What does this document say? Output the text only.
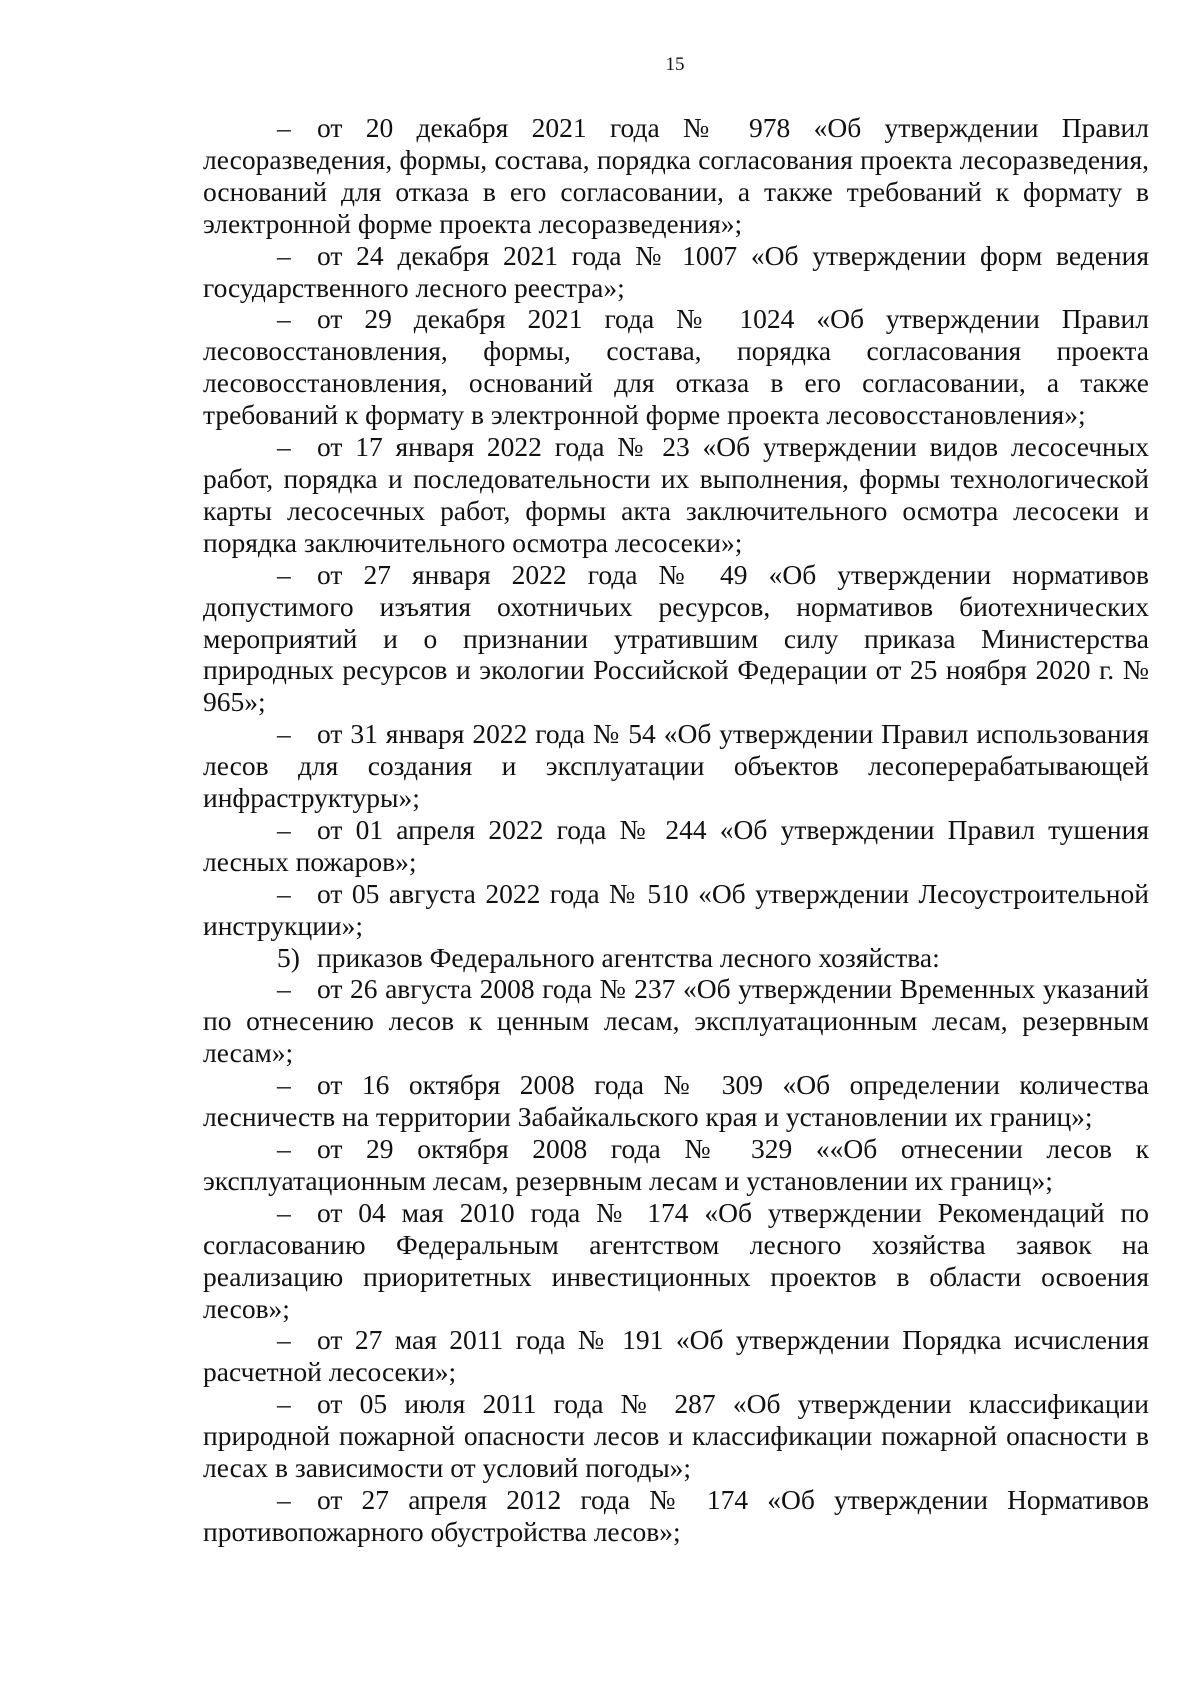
15

– от 20 декабря 2021 года № 978 «Об утверждении Правил лесоразведения, формы, состава, порядка согласования проекта лесоразведения, оснований для отказа в его согласовании, а также требований к формату в электронной форме проекта лесоразведения»;

– от 24 декабря 2021 года № 1007 «Об утверждении форм ведения государственного лесного реестра»;

– от 29 декабря 2021 года № 1024 «Об утверждении Правил лесовосстановления, формы, состава, порядка согласования проекта лесовосстановления, оснований для отказа в его согласовании, а также требований к формату в электронной форме проекта лесовосстановления»;

– от 17 января 2022 года № 23 «Об утверждении видов лесосечных работ, порядка и последовательности их выполнения, формы технологической карты лесосечных работ, формы акта заключительного осмотра лесосеки и порядка заключительного осмотра лесосеки»;

– от 27 января 2022 года № 49 «Об утверждении нормативов допустимого изъятия охотничьих ресурсов, нормативов биотехнических мероприятий и о признании утратившим силу приказа Министерства природных ресурсов и экологии Российской Федерации от 25 ноября 2020 г. № 965»;

– от 31 января 2022 года № 54 «Об утверждении Правил использования лесов для создания и эксплуатации объектов лесоперерабатывающей инфраструктуры»;

– от 01 апреля 2022 года № 244 «Об утверждении Правил тушения лесных пожаров»;

– от 05 августа 2022 года № 510 «Об утверждении Лесоустроительной инструкции»;

5) приказов Федерального агентства лесного хозяйства:

– от 26 августа 2008 года № 237 «Об утверждении Временных указаний по отнесению лесов к ценным лесам, эксплуатационным лесам, резервным лесам»;

– от 16 октября 2008 года № 309 «Об определении количества лесничеств на территории Забайкальского края и установлении их границ»;

– от 29 октября 2008 года № 329 ««Об отнесении лесов к эксплуатационным лесам, резервным лесам и установлении их границ»;

– от 04 мая 2010 года № 174 «Об утверждении Рекомендаций по согласованию Федеральным агентством лесного хозяйства заявок на реализацию приоритетных инвестиционных проектов в области освоения лесов»;

– от 27 мая 2011 года № 191 «Об утверждении Порядка исчисления расчетной лесосеки»;

– от 05 июля 2011 года № 287 «Об утверждении классификации природной пожарной опасности лесов и классификации пожарной опасности в лесах в зависимости от условий погоды»;

– от 27 апреля 2012 года № 174 «Об утверждении Нормативов противопожарного обустройства лесов»;
